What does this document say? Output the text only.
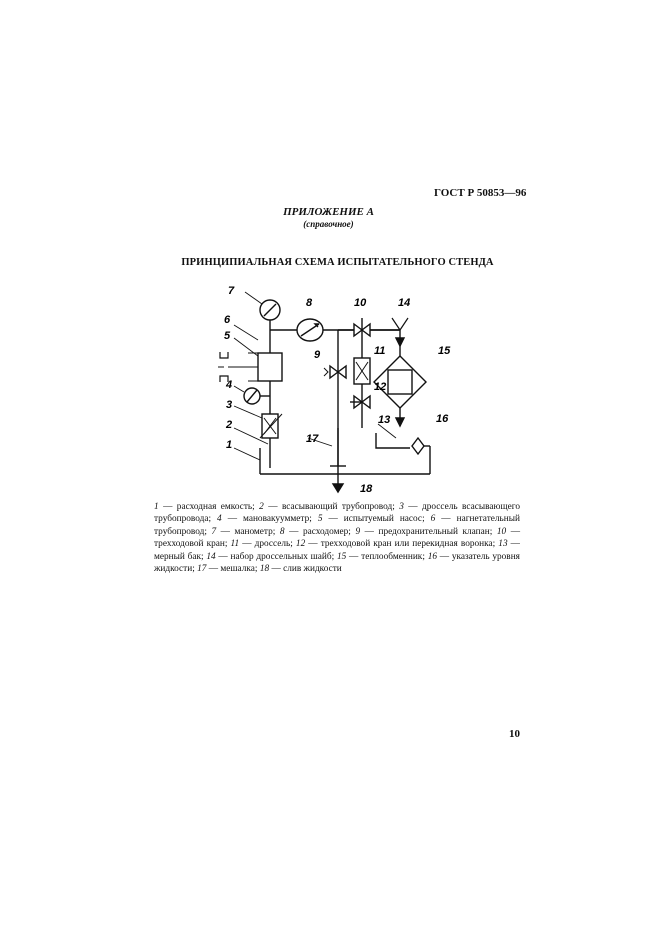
ГОСТ Р 50853—96
ПРИЛОЖЕНИЕ А
(справочное)
ПРИНЦИПИАЛЬНАЯ СХЕМА ИСПЫТАТЕЛЬНОГО СТЕНДА
7
6
5
4
3
2
1
8
9
10
11
12
13
14
15
16
17
18
1 — расходная емкость; 2 — всасывающий трубопровод; 3 — дроссель всасывающего трубопровода; 4 — мановакуумметр; 5 — испытуемый насос; 6 — нагнетательный трубопровод; 7 — манометр; 8 — расходомер; 9 — предохранительный клапан; 10 — трехходовой кран; 11 — дроссель; 12 — трехходовой кран или перекидная воронка; 13 — мерный бак; 14 — набор дроссельных шайб; 15 — теплообменник; 16 — указатель уровня жидкости; 17 — мешалка; 18 — слив жидкости
10
